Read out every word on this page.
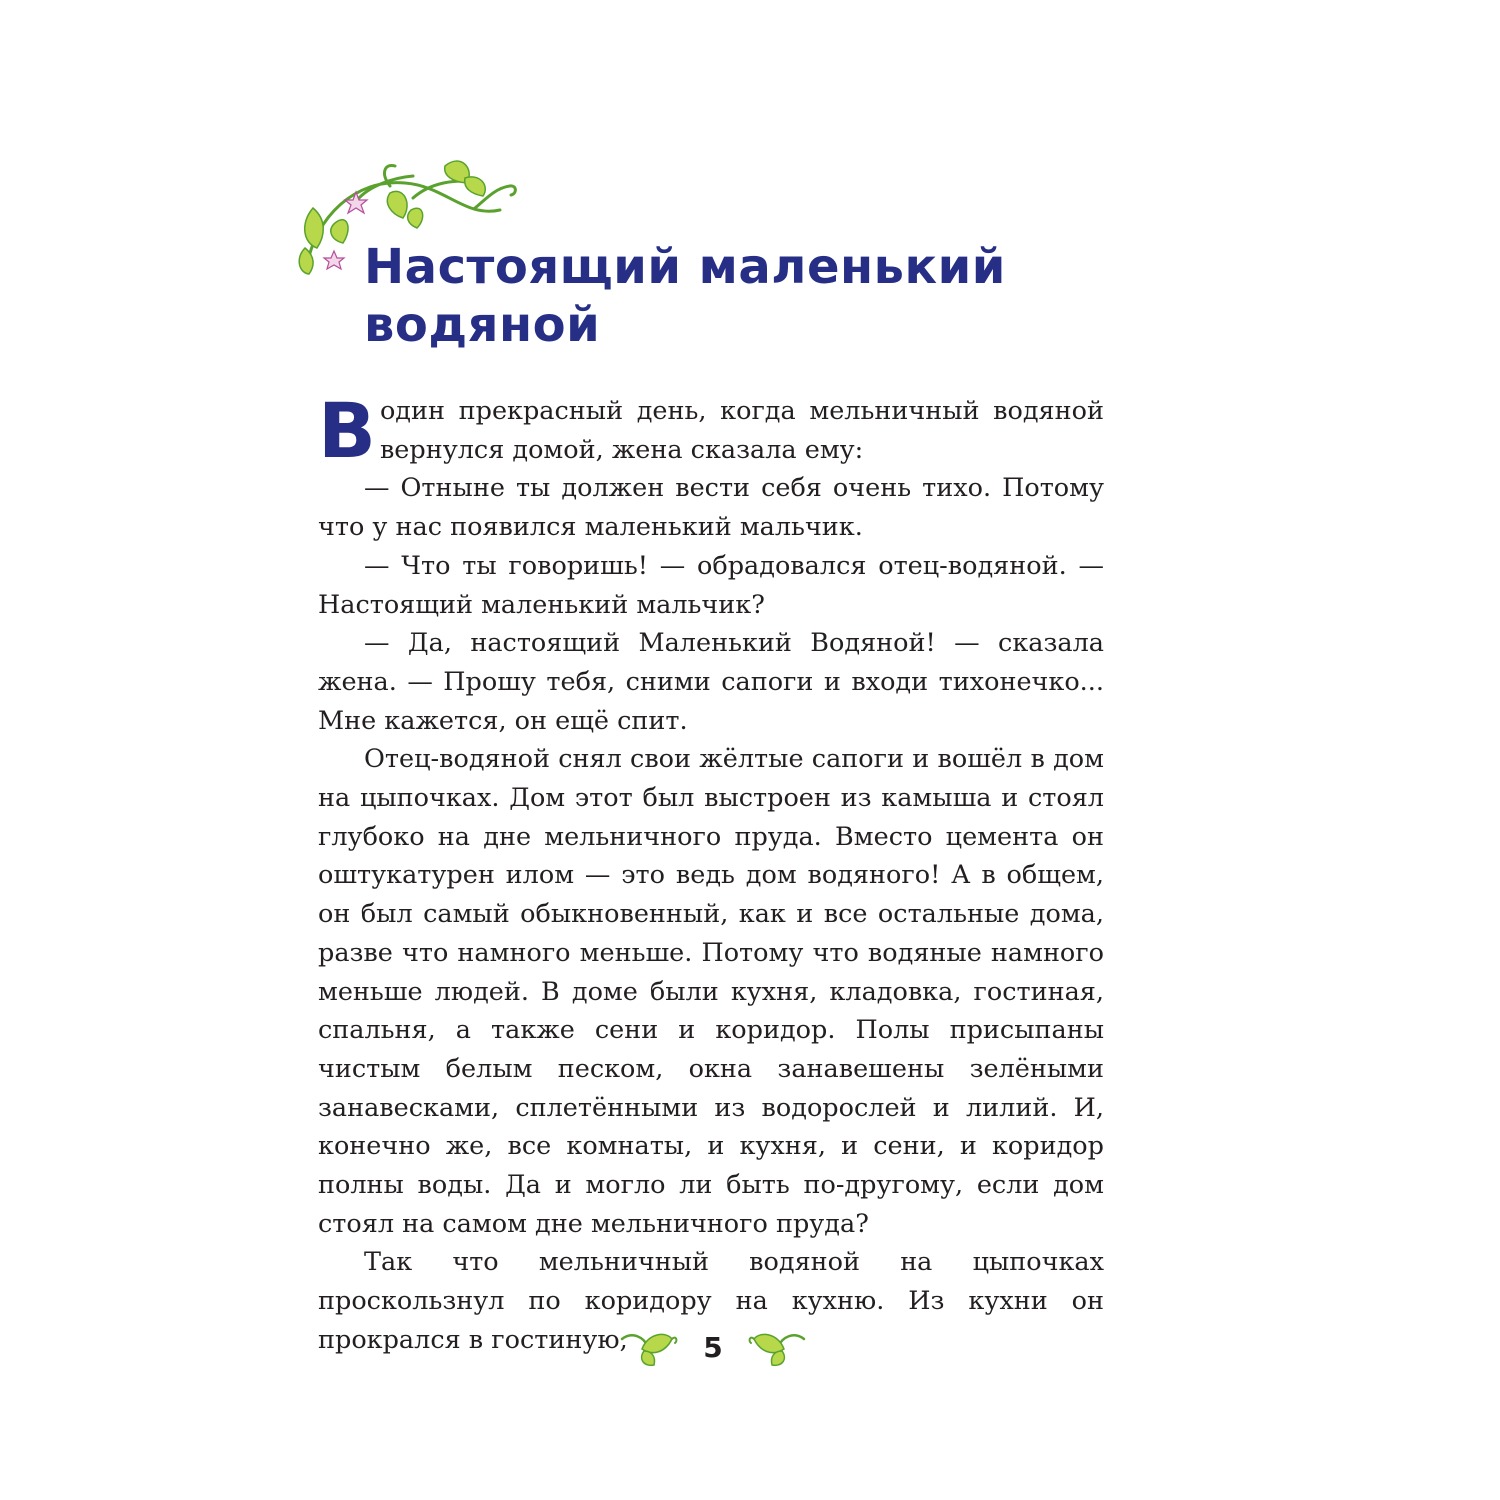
Настоящий маленький водяной

Водин прекрасный день, когда мельничный водяной вернулся домой, жена сказала ему:

— Отныне ты должен вести себя очень тихо. Потому что у нас появился маленький мальчик.

— Что ты говоришь! — обрадовался отец-водяной. — Настоящий маленький мальчик?

— Да, настоящий Маленький Водяной! — сказала жена. — Прошу тебя, сними сапоги и входи тихонечко... Мне кажется, он ещё спит.

Отец-водяной снял свои жёлтые сапоги и вошёл в дом на цыпочках. Дом этот был выстроен из камыша и стоял глубоко на дне мельничного пруда. Вместо цемента он оштукатурен илом — это ведь дом водяного! А в общем, он был самый обыкновенный, как и все остальные дома, разве что намного меньше. Потому что водяные намного меньше людей. В доме были кухня, кладовка, гостиная, спальня, а также сени и коридор. Полы присыпаны чистым белым песком, окна занавешены зелёными занавесками, сплетёнными из водорослей и лилий. И, конечно же, все комнаты, и кухня, и сени, и коридор полны воды. Да и могло ли быть по-другому, если дом стоял на самом дне мельничного пруда?

Так что мельничный водяной на цыпочках проскользнул по коридору на кухню. Из кухни он прокрался в гостиную,	5
